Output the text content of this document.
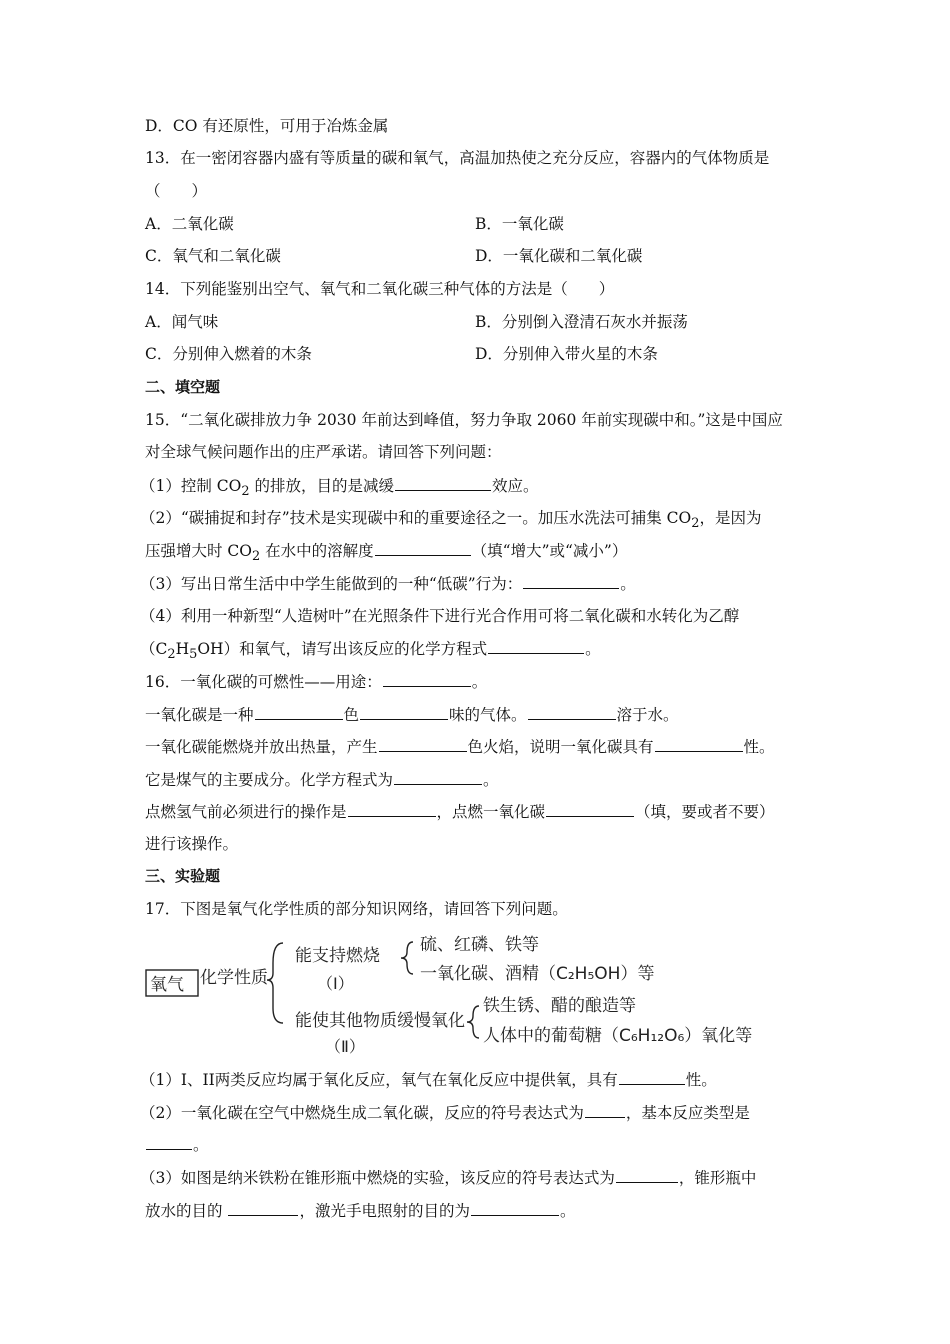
D．CO 有还原性，可用于冶炼金属
13．在一密闭容器内盛有等质量的碳和氧气，高温加热使之充分反应，容器内的气体物质是
（　　）
A．二氧化碳	B．一氧化碳
C．氧气和二氧化碳	D．一氧化碳和二氧化碳
14．下列能鉴别出空气、氧气和二氧化碳三种气体的方法是（　　）
A．闻气味	B．分别倒入澄清石灰水并振荡
C．分别伸入燃着的木条	D．分别伸入带火星的木条
二、填空题
15．“二氧化碳排放力争 2030 年前达到峰值，努力争取 2060 年前实现碳中和。”这是中国应
对全球气候问题作出的庄严承诺。请回答下列问题：
（1）控制 $CO_2$ 的排放，目的是减缓	效应。
（2）“碳捕捉和封存”技术是实现碳中和的重要途径之一。加压水洗法可捕集 $CO_2$，是因为
压强增大时 $CO_2$ 在水中的溶解度	（填“增大”或“减小”）
（3）写出日常生活中中学生能做到的一种“低碳”行为：	。
（4）利用一种新型“人造树叶”在光照条件下进行光合作用可将二氧化碳和水转化为乙醇
$(C_2H_5OH)$和氧气，请写出该反应的化学方程式	。
16．一氧化碳的可燃性——用途：	。
一氧化碳是一种	色	味的气体。	溶于水。
一氧化碳能燃烧并放出热量，产生	色火焰，说明一氧化碳具有	性。
它是煤气的主要成分。化学方程式为	。
点燃氢气前必须进行的操作是	，点燃一氧化碳	（填，要或者不要）
进行该操作。
三、实验题
17．下图是氧气化学性质的部分知识网络，请回答下列问题。
氧气 化学性质
能支持燃烧
（Ⅰ）
硫、红磷、铁等
一氧化碳、酒精（C₂H₅OH）等
能使其他物质缓慢氧化
（Ⅱ）
铁生锈、醋的酿造等
人体中的葡萄糖（C₆H₁₂O₆）氧化等
（1）I、II两类反应均属于氧化反应，氧气在氧化反应中提供氧，具有	性。
（2）一氧化碳在空气中燃烧生成二氧化碳，反应的符号表达式为	，基本反应类型是
。
（3）如图是纳米铁粉在锥形瓶中燃烧的实验，该反应的符号表达式为	，锥形瓶中
放水的目的	，激光手电照射的目的为	。
